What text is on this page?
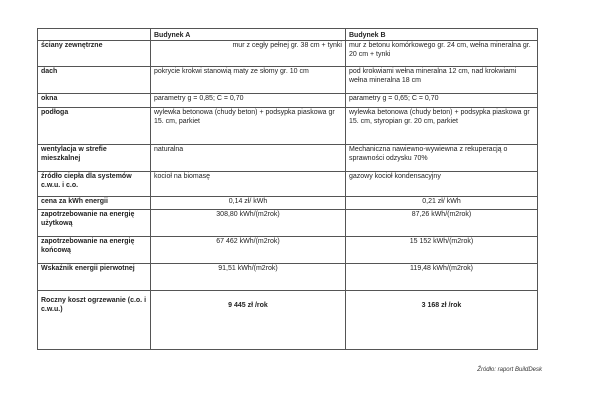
	Budynek A	Budynek B
ściany zewnętrzne	mur z cegły pełnej gr. 38 cm + tynki	mur z betonu komórkowego gr. 24 cm, wełna mineralna gr. 20 cm + tynki
dach	pokrycie krokwi stanowią maty ze słomy gr. 10 cm	pod krokwiami wełna mineralna 12 cm, nad krokwiami wełna mineralna 18 cm
okna	parametry g = 0,85; C = 0,70	parametry g = 0,65; C = 0,70
podłoga	wylewka betonowa (chudy beton) + podsypka piaskowa gr 15. cm, parkiet	wylewka betonowa (chudy beton) + podsypka piaskowa gr 15. cm, styropian gr. 20 cm, parkiet
wentylacja w strefie mieszkalnej	naturalna	Mechaniczna nawiewno-wywiewna z rekuperacją o sprawności odzysku 70%
źródło ciepła dla systemów c.w.u. i c.o.	kocioł na biomasę	gazowy kocioł kondensacyjny
cena za kWh energii	0,14 zł/ kWh	0,21 zł/ kWh
zapotrzebowanie na energię użytkową	308,80 kWh/(m2rok)	87,26 kWh/(m2rok)
zapotrzebowanie na energię końcową	67 462 kWh/(m2rok)	15 152 kWh/(m2rok)
Wskaźnik energii pierwotnej	91,51 kWh/(m2rok)	119,48 kWh/(m2rok)
Roczny koszt ogrzewanie (c.o. i c.w.u.)	9 445 zł /rok	3 168 zł /rok
Źródło: raport BuildDesk
